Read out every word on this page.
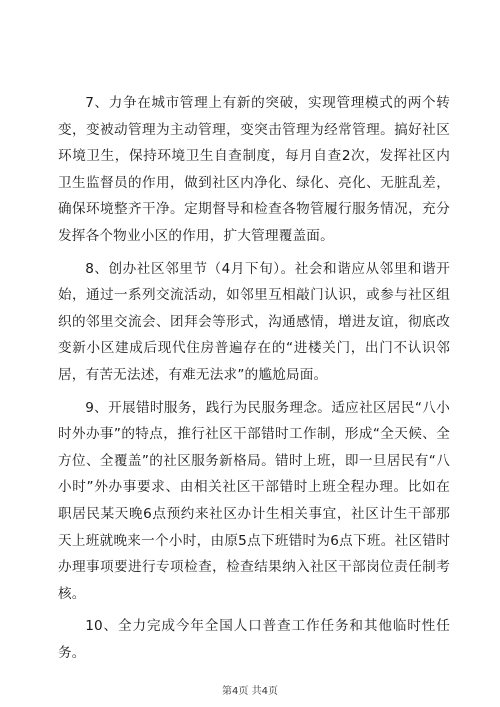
7、力争在城市管理上有新的突破，实现管理模式的两个转变，变被动管理为主动管理，变突击管理为经常管理。搞好社区环境卫生，保持环境卫生自查制度，每月自查2次，发挥社区内卫生监督员的作用，做到社区内净化、绿化、亮化、无脏乱差，确保环境整齐干净。定期督导和检查各物管履行服务情况，充分发挥各个物业小区的作用，扩大管理覆盖面。

8、创办社区邻里节（4月下旬）。社会和谐应从邻里和谐开始，通过一系列交流活动，如邻里互相敲门认识，或参与社区组织的邻里交流会、团拜会等形式，沟通感情，增进友谊，彻底改变新小区建成后现代住房普遍存在的“进楼关门，出门不认识邻居，有苦无法述，有难无法求”的尴尬局面。

9、开展错时服务，践行为民服务理念。适应社区居民“八小时外办事”的特点，推行社区干部错时工作制，形成“全天候、全方位、全覆盖”的社区服务新格局。错时上班，即一旦居民有“八小时”外办事要求、由相关社区干部错时上班全程办理。比如在职居民某天晚6点预约来社区办计生相关事宜，社区计生干部那天上班就晚来一个小时，由原5点下班错时为6点下班。社区错时办理事项要进行专项检查，检查结果纳入社区干部岗位责任制考核。

10、全力完成今年全国人口普查工作任务和其他临时性任务。

第4页 共4页
